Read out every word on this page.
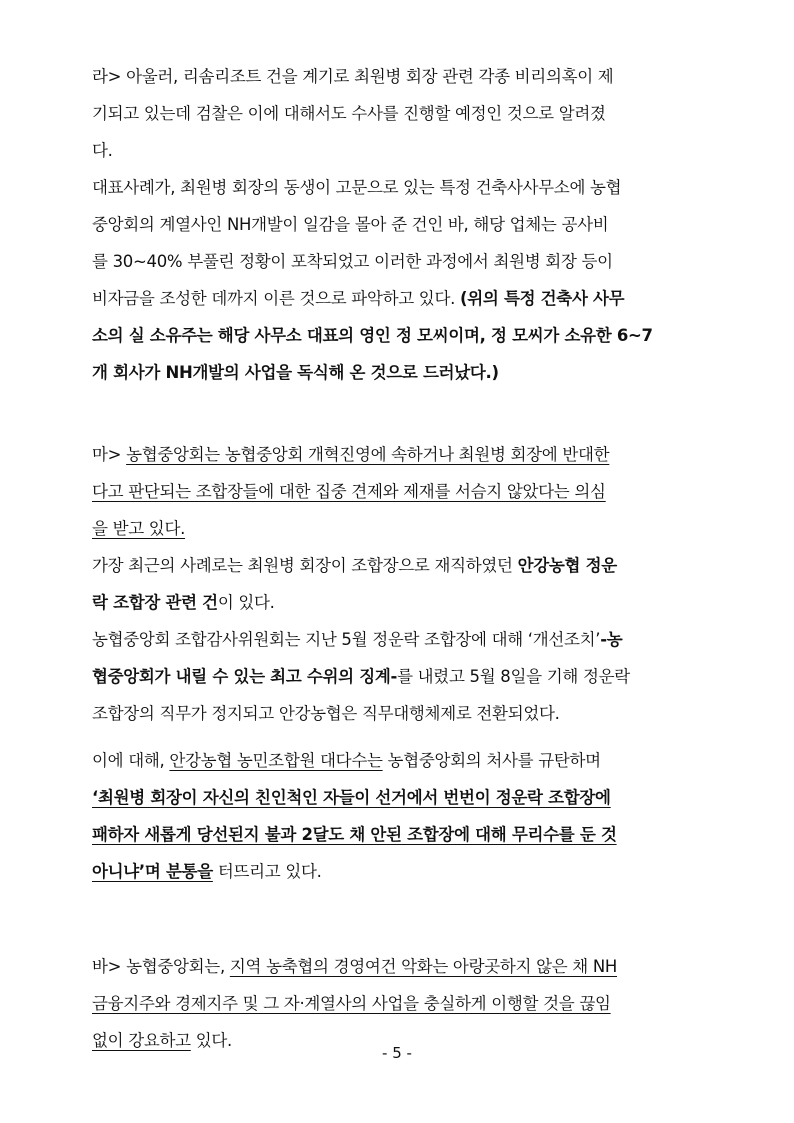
라> 아울러, 리솜리조트 건을 계기로 최원병 회장 관련 각종 비리의혹이 제
기되고 있는데 검찰은 이에 대해서도 수사를 진행할 예정인 것으로 알려졌
다.
대표사례가, 최원병 회장의 동생이 고문으로 있는 특정 건축사사무소에 농협
중앙회의 계열사인 NH개발이 일감을 몰아 준 건인 바, 해당 업체는 공사비
를 30~40% 부풀린 정황이 포착되었고 이러한 과정에서 최원병 회장 등이
비자금을 조성한 데까지 이른 것으로 파악하고 있다. (위의 특정 건축사 사무
소의 실 소유주는 해당 사무소 대표의 영인 정 모씨이며, 정 모씨가 소유한 6~7
개 회사가 NH개발의 사업을 독식해 온 것으로 드러났다.)
마> 농협중앙회는 농협중앙회 개혁진영에 속하거나 최원병 회장에 반대한
다고 판단되는 조합장들에 대한 집중 견제와 제재를 서슴지 않았다는 의심
을 받고 있다.
가장 최근의 사례로는 최원병 회장이 조합장으로 재직하였던 안강농협 정운
락 조합장 관련 건이 있다.
농협중앙회 조합감사위원회는 지난 5월 정운락 조합장에 대해 ‘개선조치’-농
협중앙회가 내릴 수 있는 최고 수위의 징계-를 내렸고 5월 8일을 기해 정운락
조합장의 직무가 정지되고 안강농협은 직무대행체제로 전환되었다.
이에 대해, 안강농협 농민조합원 대다수는 농협중앙회의 처사를 규탄하며
‘최원병 회장이 자신의 친인척인 자들이 선거에서 번번이 정운락 조합장에
패하자 새롭게 당선된지 불과 2달도 채 안된 조합장에 대해 무리수를 둔 것
아니냐’며 분통을 터뜨리고 있다.
바> 농협중앙회는, 지역 농축협의 경영여건 악화는 아랑곳하지 않은 채 NH
금융지주와 경제지주 및 그 자·계열사의 사업을 충실하게 이행할 것을 끊임
없이 강요하고 있다.
- 5 -
